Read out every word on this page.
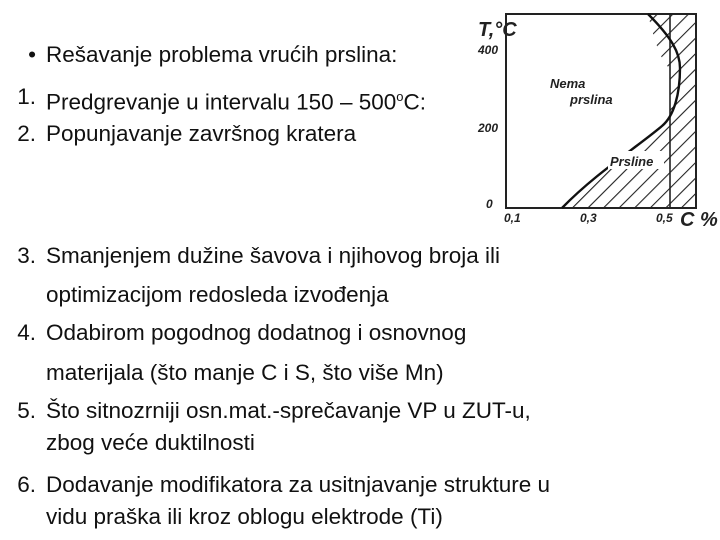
• Rešavanje problema vrućih prslina:
1. Predgrevanje u intervalu 150 – 500$^o$C:
2. Popunjavanje završnog kratera
3. Smanjenjem dužine šavova i njihovog broja ili
optimizacijom redosleda izvođenja
4. Odabirom pogodnog dodatnog i osnovnog
materijala (što manje C i S, što više Mn)
5. Što sitnozrniji osn.mat.-sprečavanje VP u ZUT-u,
zbog veće duktilnosti
6. Dodavanje modifikatora za usitnjavanje strukture u
vidu praška ili kroz oblogu elektrode (Ti)
Nema
prslina
Prsline
T,°C
400
200
0
0,1	0,3	0,5 C %
